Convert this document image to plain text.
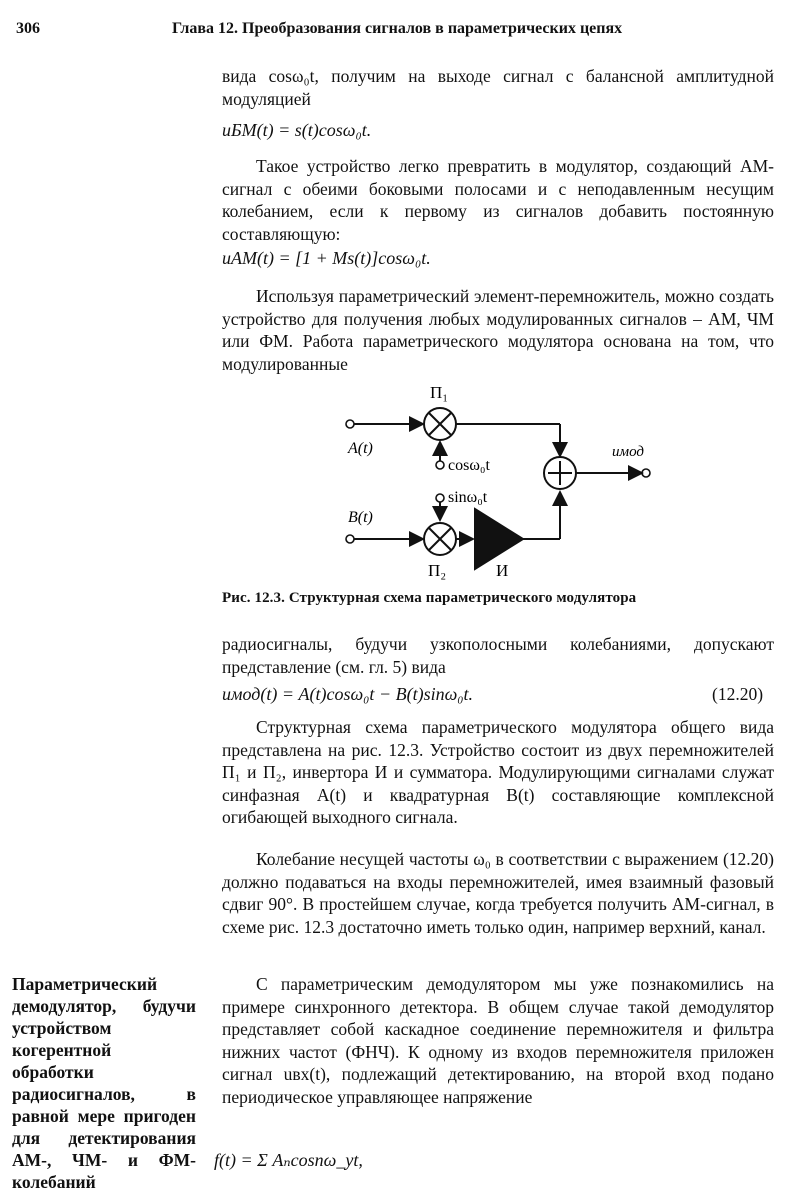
306	Глава 12. Преобразования сигналов в параметрических цепях

вида cosω₀t, получим на выходе сигнал с балансной амплитудной модуляцией

uБМ(t) = s(t)cosω₀t.

Такое устройство легко превратить в модулятор, создающий АМ-сигнал с обеими боковыми полосами и с неподавленным несущим колебанием, если к первому из сигналов добавить постоянную составляющую:

uАМ(t) = [1 + Ms(t)]cosω₀t.

Используя параметрический элемент-перемножитель, можно создать устройство для получения любых модулированных сигналов – АМ, ЧМ или ФМ. Работа параметрического модулятора основана на том, что модулированные

П₁
A(t)
cosω₀t
sinω₀t
B(t)
П₂	И
uмод
Рис. 12.3. Структурная схема параметрического модулятора

радиосигналы, будучи узкополосными колебаниями, допускают представление (см. гл. 5) вида

uмод(t) = A(t)cosω₀t − B(t)sinω₀t.	(12.20)

Структурная схема параметрического модулятора общего вида представлена на рис. 12.3. Устройство состоит из двух перемножителей П₁ и П₂, инвертора И и сумматора. Модулирующими сигналами служат синфазная A(t) и квадратурная B(t) составляющие комплексной огибающей выходного сигнала.

Колебание несущей частоты ω₀ в соответствии с выражением (12.20) должно подаваться на входы перемножителей, имея взаимный фазовый сдвиг 90°. В простейшем случае, когда требуется получить АМ-сигнал, в схеме рис. 12.3 достаточно иметь только один, например верхний, канал.

С параметрическим демодулятором мы уже познакомились на примере синхронного детектора. В общем случае такой демодулятор представляет собой каскадное соединение перемножителя и фильтра нижних частот (ФНЧ). К одному из входов перемножителя приложен сигнал uвх(t), подлежащий детектированию, на второй вход подано периодическое управляющее напряжение

f(t) = Σ Aₙcosnω_уt,
Параметрический демодулятор, будучи устройством когерентной обработки радиосигналов, в равной мере пригоден для детектирования АМ-, ЧМ- и ФМ-колебаний
